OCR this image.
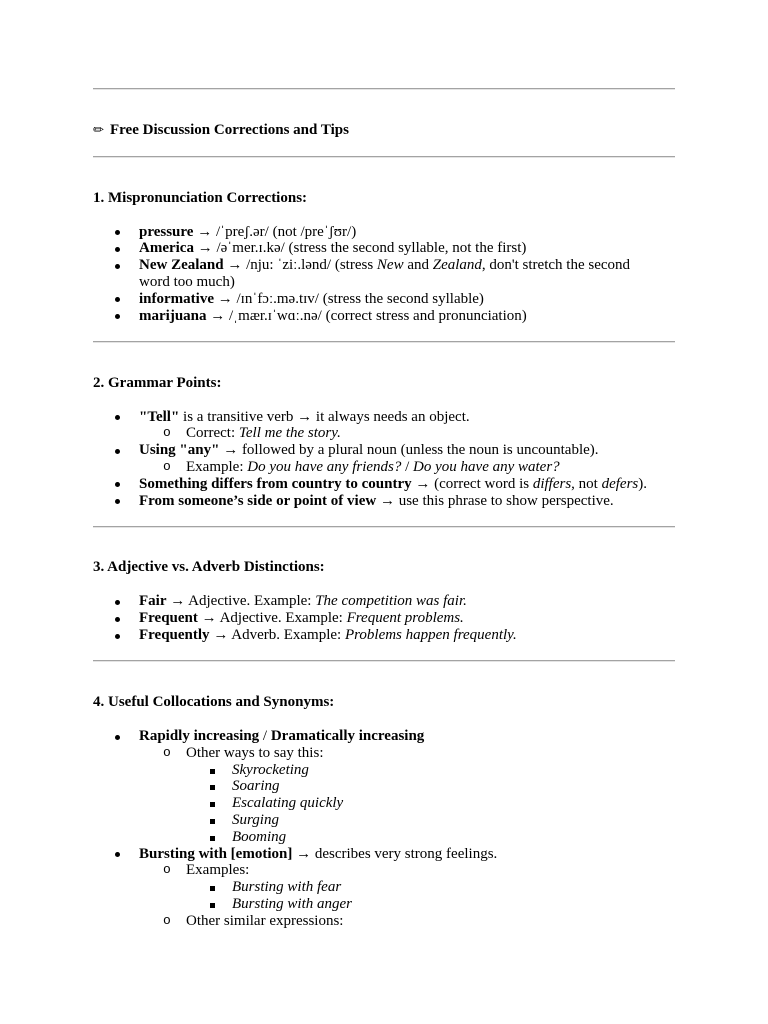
✏Free Discussion Corrections and Tips
1. Mispronunciation Corrections:
pressure → /ˈpreʃ.ər/ (not /preˈʃʊr/)
America → /əˈmer.ɪ.kə/ (stress the second syllable, not the first)
New Zealand → /nju: ˈziː.lənd/ (stress New and Zealand, don't stretch the second
word too much)
informative → /ɪnˈfɔː.mə.tɪv/ (stress the second syllable)
marijuana → /ˌmær.ɪˈwɑː.nə/ (correct stress and pronunciation)
2. Grammar Points:
"Tell" is a transitive verb → it always needs an object.
o Correct: Tell me the story.
Using "any" → followed by a plural noun (unless the noun is uncountable).
o Example: Do you have any friends? / Do you have any water?
Something differs from country to country → (correct word is differs, not defers).
From someone’s side or point of view → use this phrase to show perspective.
3. Adjective vs. Adverb Distinctions:
Fair → Adjective. Example: The competition was fair.
Frequent → Adjective. Example: Frequent problems.
Frequently → Adverb. Example: Problems happen frequently.
4. Useful Collocations and Synonyms:
Rapidly increasing / Dramatically increasing
o Other ways to say this:
Skyrocketing
Soaring
Escalating quickly
Surging
Booming
Bursting with [emotion] → describes very strong feelings.
o Examples:
Bursting with fear
Bursting with anger
o Other similar expressions:
